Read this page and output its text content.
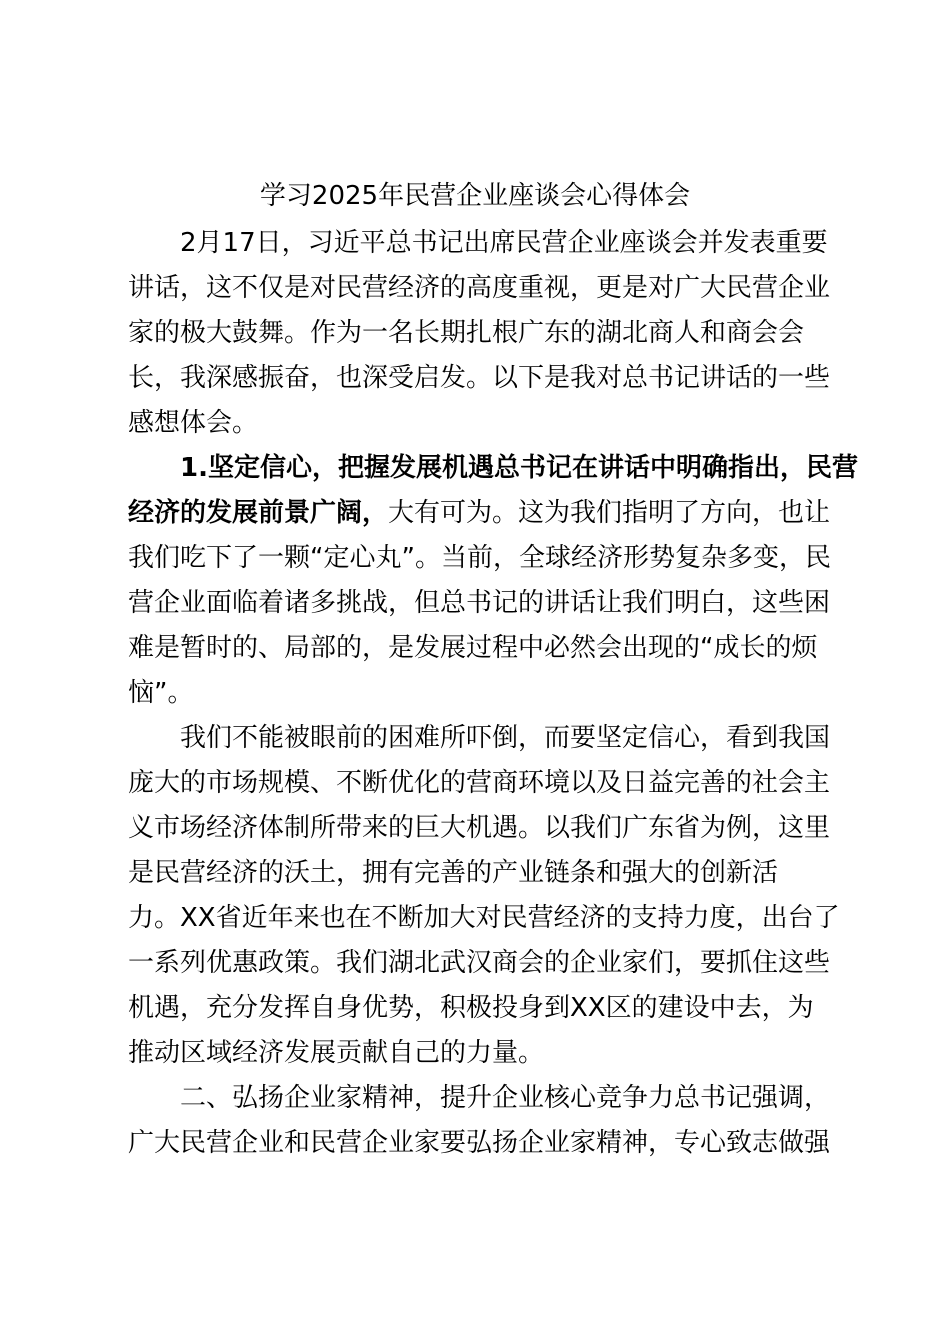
学习2025年民营企业座谈会心得体会
2月17日，习近平总书记出席民营企业座谈会并发表重要
讲话，这不仅是对民营经济的高度重视，更是对广大民营企业
家的极大鼓舞。作为一名长期扎根广东的湖北商人和商会会
长，我深感振奋，也深受启发。以下是我对总书记讲话的一些
感想体会。
1.坚定信心，把握发展机遇总书记在讲话中明确指出，民营
经济的发展前景广阔，大有可为。这为我们指明了方向，也让
我们吃下了一颗“定心丸”。当前，全球经济形势复杂多变，民
营企业面临着诸多挑战，但总书记的讲话让我们明白，这些困
难是暂时的、局部的，是发展过程中必然会出现的“成长的烦
恼”。
我们不能被眼前的困难所吓倒，而要坚定信心，看到我国
庞大的市场规模、不断优化的营商环境以及日益完善的社会主
义市场经济体制所带来的巨大机遇。以我们广东省为例，这里
是民营经济的沃土，拥有完善的产业链条和强大的创新活
力。XX省近年来也在不断加大对民营经济的支持力度，出台了
一系列优惠政策。我们湖北武汉商会的企业家们，要抓住这些
机遇，充分发挥自身优势，积极投身到XX区的建设中去，为
推动区域经济发展贡献自己的力量。
二、弘扬企业家精神，提升企业核心竞争力总书记强调，
广大民营企业和民营企业家要弘扬企业家精神，专心致志做强
